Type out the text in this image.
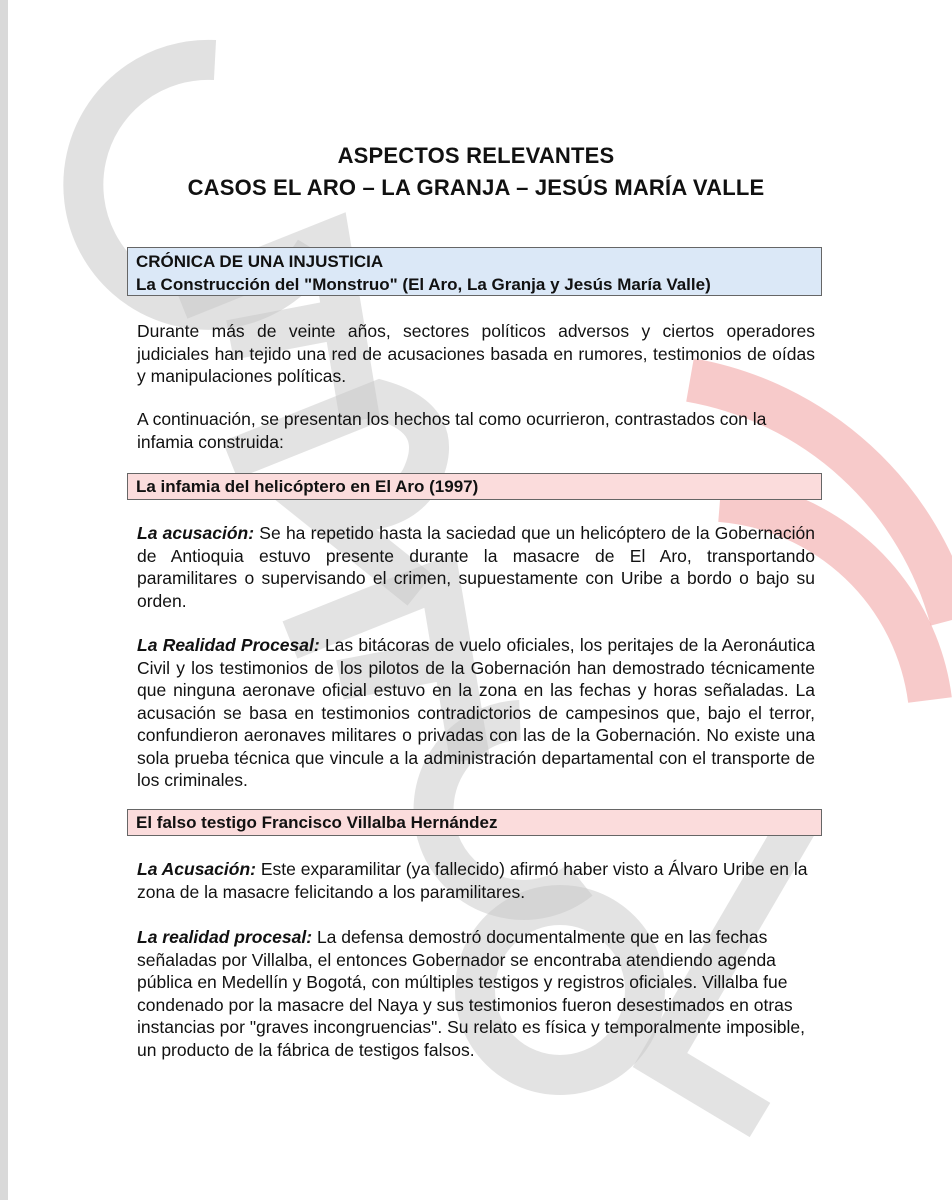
ASPECTOS RELEVANTES
CASOS EL ARO – LA GRANJA – JESÚS MARÍA VALLE
CRÓNICA DE UNA INJUSTICIA
La Construcción del "Monstruo" (El Aro, La Granja y Jesús María Valle)
Durante más de veinte años, sectores políticos adversos y ciertos operadores judiciales han tejido una red de acusaciones basada en rumores, testimonios de oídas y manipulaciones políticas.
A continuación, se presentan los hechos tal como ocurrieron, contrastados con la infamia construida:
La infamia del helicóptero en El Aro (1997)
La acusación: Se ha repetido hasta la saciedad que un helicóptero de la Gobernación de Antioquia estuvo presente durante la masacre de El Aro, transportando paramilitares o supervisando el crimen, supuestamente con Uribe a bordo o bajo su orden.
La Realidad Procesal: Las bitácoras de vuelo oficiales, los peritajes de la Aeronáutica Civil y los testimonios de los pilotos de la Gobernación han demostrado técnicamente que ninguna aeronave oficial estuvo en la zona en las fechas y horas señaladas. La acusación se basa en testimonios contradictorios de campesinos que, bajo el terror, confundieron aeronaves militares o privadas con las de la Gobernación. No existe una sola prueba técnica que vincule a la administración departamental con el transporte de los criminales.
El falso testigo Francisco Villalba Hernández
La Acusación: Este exparamilitar (ya fallecido) afirmó haber visto a Álvaro Uribe en la zona de la masacre felicitando a los paramilitares.
La realidad procesal: La defensa demostró documentalmente que en las fechas señaladas por Villalba, el entonces Gobernador se encontraba atendiendo agenda pública en Medellín y Bogotá, con múltiples testigos y registros oficiales. Villalba fue condenado por la masacre del Naya y sus testimonios fueron desestimados en otras instancias por "graves incongruencias". Su relato es física y temporalmente imposible, un producto de la fábrica de testigos falsos.
